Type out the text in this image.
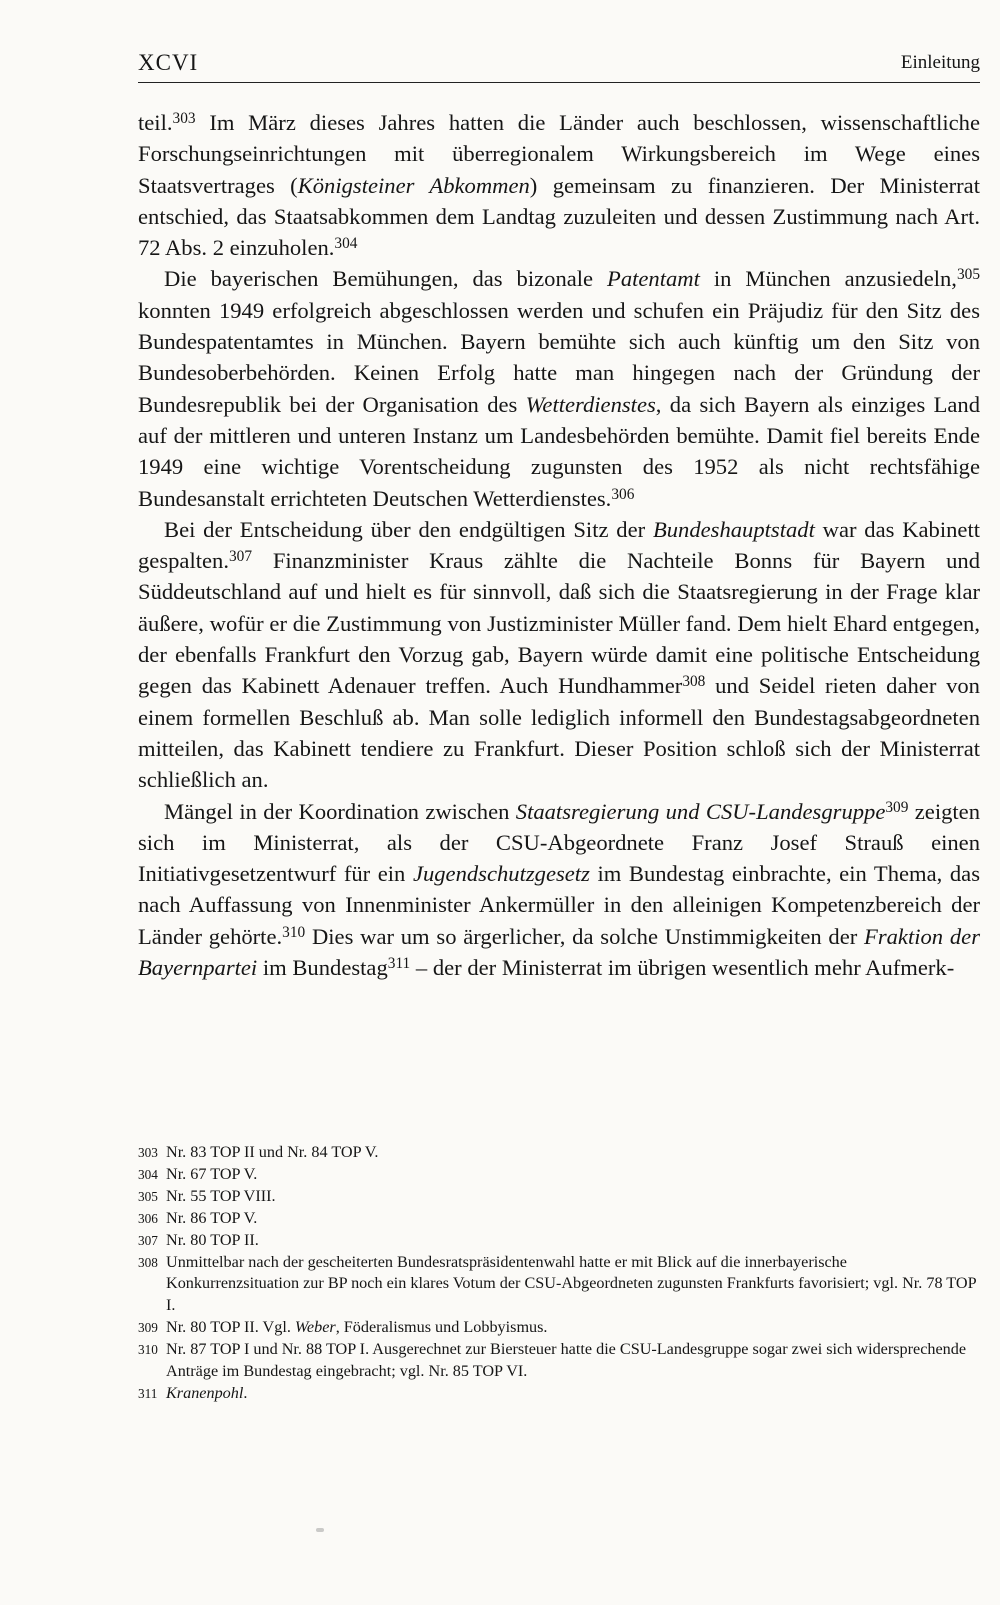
XCVI	Einleitung

teil.$^{303}$ Im März dieses Jahres hatten die Länder auch beschlossen, wissenschaftliche Forschungseinrichtungen mit überregionalem Wirkungsbereich im Wege eines Staatsvertrages (Königsteiner Abkommen) gemeinsam zu finanzieren. Der Ministerrat entschied, das Staatsabkommen dem Landtag zuzuleiten und dessen Zustimmung nach Art. 72 Abs. 2 einzuholen.$^{304}$

Die bayerischen Bemühungen, das bizonale Patentamt in München anzusiedeln,$^{305}$ konnten 1949 erfolgreich abgeschlossen werden und schufen ein Präjudiz für den Sitz des Bundespatentamtes in München. Bayern bemühte sich auch künftig um den Sitz von Bundesoberbehörden. Keinen Erfolg hatte man hingegen nach der Gründung der Bundesrepublik bei der Organisation des Wetterdienstes, da sich Bayern als einziges Land auf der mittleren und unteren Instanz um Landesbehörden bemühte. Damit fiel bereits Ende 1949 eine wichtige Vorentscheidung zugunsten des 1952 als nicht rechtsfähige Bundesanstalt errichteten Deutschen Wetterdienstes.$^{306}$

Bei der Entscheidung über den endgültigen Sitz der Bundeshauptstadt war das Kabinett gespalten.$^{307}$ Finanzminister Kraus zählte die Nachteile Bonns für Bayern und Süddeutschland auf und hielt es für sinnvoll, daß sich die Staatsregierung in der Frage klar äußere, wofür er die Zustimmung von Justizminister Müller fand. Dem hielt Ehard entgegen, der ebenfalls Frankfurt den Vorzug gab, Bayern würde damit eine politische Entscheidung gegen das Kabinett Adenauer treffen. Auch Hundhammer$^{308}$ und Seidel rieten daher von einem formellen Beschluß ab. Man solle lediglich informell den Bundestagsabgeordneten mitteilen, das Kabinett tendiere zu Frankfurt. Dieser Position schloß sich der Ministerrat schließlich an.

Mängel in der Koordination zwischen Staatsregierung und CSU-Landesgruppe$^{309}$ zeigten sich im Ministerrat, als der CSU-Abgeordnete Franz Josef Strauß einen Initiativgesetzentwurf für ein Jugendschutzgesetz im Bundestag einbrachte, ein Thema, das nach Auffassung von Innenminister Ankermüller in den alleinigen Kompetenzbereich der Länder gehörte.$^{310}$ Dies war um so ärgerlicher, da solche Unstimmigkeiten der Fraktion der Bayernpartei im Bundestag$^{311}$ – der der Ministerrat im übrigen wesentlich mehr Aufmerk-

303 Nr. 83 TOP II und Nr. 84 TOP V.
304 Nr. 67 TOP V.
305 Nr. 55 TOP VIII.
306 Nr. 86 TOP V.
307 Nr. 80 TOP II.
308 Unmittelbar nach der gescheiterten Bundesratspräsidentenwahl hatte er mit Blick auf die innerbayerische Konkurrenzsituation zur BP noch ein klares Votum der CSU-Abgeordneten zugunsten Frankfurts favorisiert; vgl. Nr. 78 TOP I.
309 Nr. 80 TOP II. Vgl. Weber, Föderalismus und Lobbyismus.
310 Nr. 87 TOP I und Nr. 88 TOP I. Ausgerechnet zur Biersteuer hatte die CSU-Landesgruppe sogar zwei sich widersprechende Anträge im Bundestag eingebracht; vgl. Nr. 85 TOP VI.
311 Kranenpohl.
